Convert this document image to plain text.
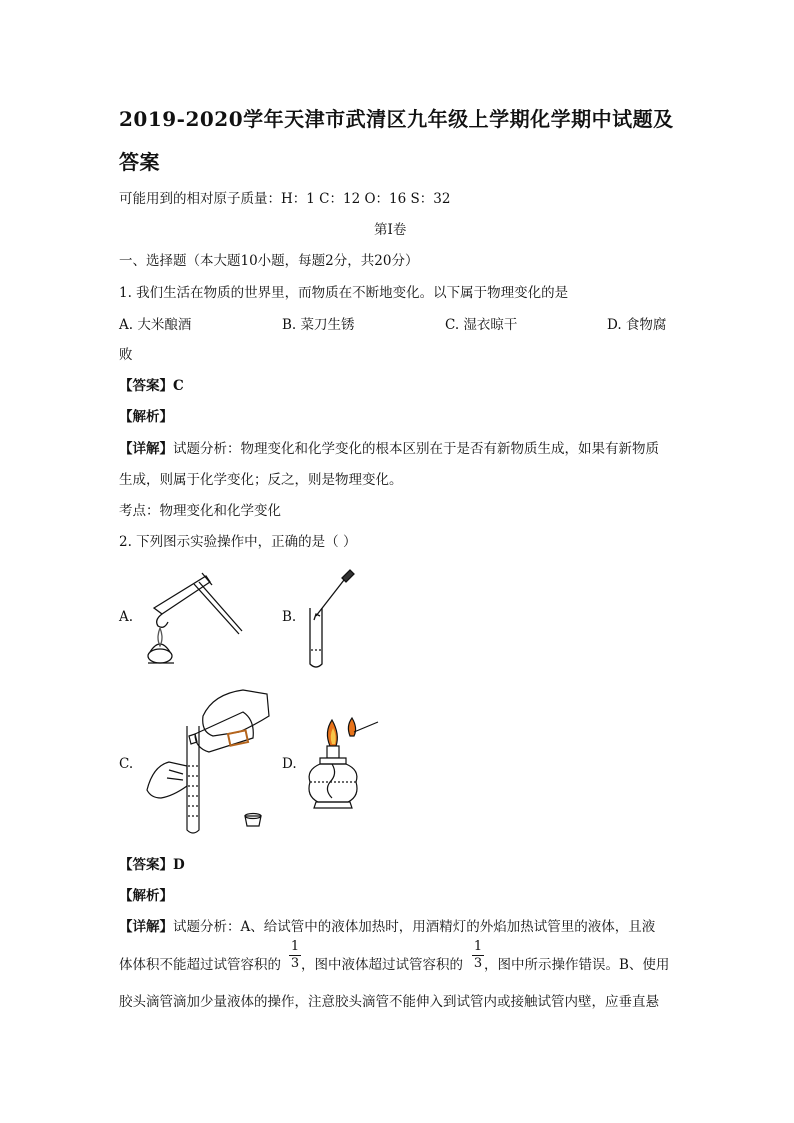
2019-2020学年天津市武清区九年级上学期化学期中试题及
答案
可能用到的相对原子质量：H：1 C：12 O：16 S：32
第I卷
一、选择题（本大题10小题，每题2分，共20分）
1. 我们生活在物质的世界里，而物质在不断地变化。以下属于物理变化的是
A. 大米酿酒	B. 菜刀生锈	C. 湿衣晾干	D. 食物腐
败
【答案】C
【解析】
【详解】试题分析：物理变化和化学变化的根本区别在于是否有新物质生成，如果有新物质
生成，则属于化学变化；反之，则是物理变化。
考点：物理变化和化学变化
2. 下列图示实验操作中，正确的是（ ）
A.	B.
C.	D.
【答案】D
【解析】
【详解】试题分析：A、给试管中的液体加热时，用酒精灯的外焰加热试管里的液体，且液
体体积不能超过试管容积的
1
3 ，图中液体超过试管容积的
1
3 ，图中所示操作错误。B、使用
胶头滴管滴加少量液体的操作，注意胶头滴管不能伸入到试管内或接触试管内壁，应垂直悬
